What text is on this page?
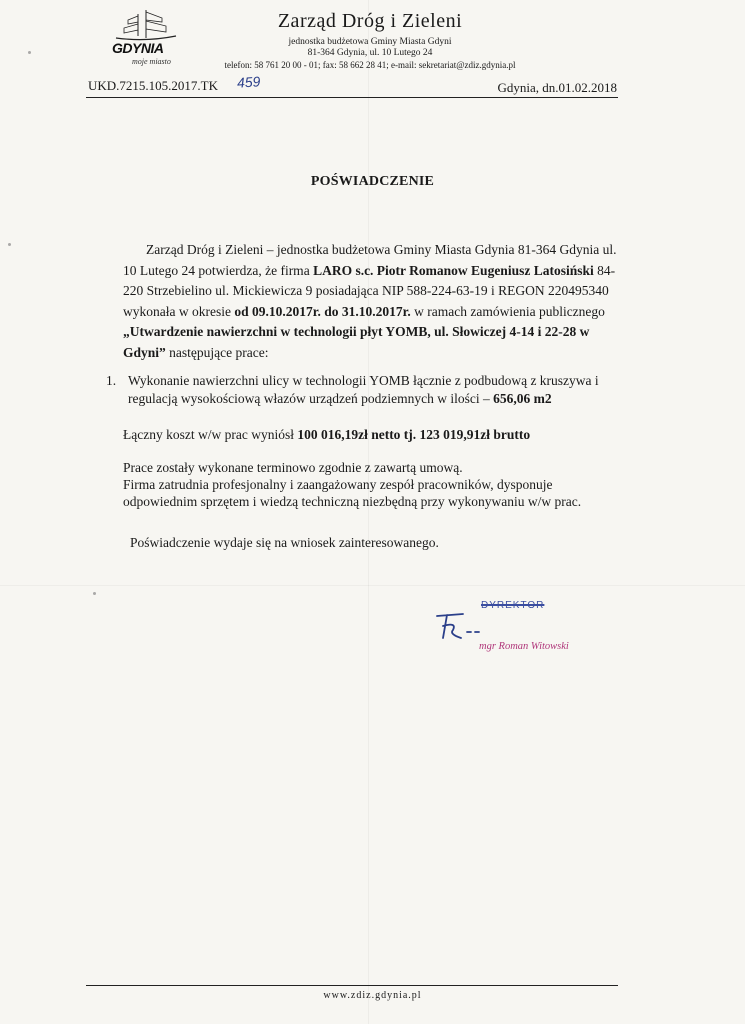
GDYNIA
moje miasto
Zarząd Dróg i Zieleni
jednostka budżetowa Gminy Miasta Gdyni
81-364 Gdynia, ul. 10 Lutego 24
telefon: 58 761 20 00 - 01; fax: 58 662 28 41; e-mail: sekretariat@zdiz.gdynia.pl
UKD.7215.105.2017.TK 459	Gdynia, dn.01.02.2018
POŚWIADCZENIE
Zarząd Dróg i Zieleni – jednostka budżetowa Gminy Miasta Gdynia 81-364 Gdynia ul. 10 Lutego 24 potwierdza, że firma LARO s.c. Piotr Romanow Eugeniusz Latosiński 84-220 Strzebielino ul. Mickiewicza 9 posiadająca NIP 588-224-63-19 i REGON 220495340 wykonała w okresie od 09.10.2017r. do 31.10.2017r. w ramach zamówienia publicznego „Utwardzenie nawierzchni w technologii płyt YOMB, ul. Słowiczej 4-14 i 22-28 w Gdyni” następujące prace:
1. Wykonanie nawierzchni ulicy w technologii YOMB łącznie z podbudową z kruszywa i regulacją wysokościową włazów urządzeń podziemnych w ilości – 656,06 m2
Łączny koszt w/w prac wyniósł 100 016,19zł netto tj. 123 019,91zł brutto
Prace zostały wykonane terminowo zgodnie z zawartą umową.
Firma zatrudnia profesjonalny i zaangażowany zespół pracowników, dysponuje odpowiednim sprzętem i wiedzą techniczną niezbędną przy wykonywaniu w/w prac.
Poświadczenie wydaje się na wniosek zainteresowanego.
DYREKTOR
mgr Roman Witowski
www.zdiz.gdynia.pl
